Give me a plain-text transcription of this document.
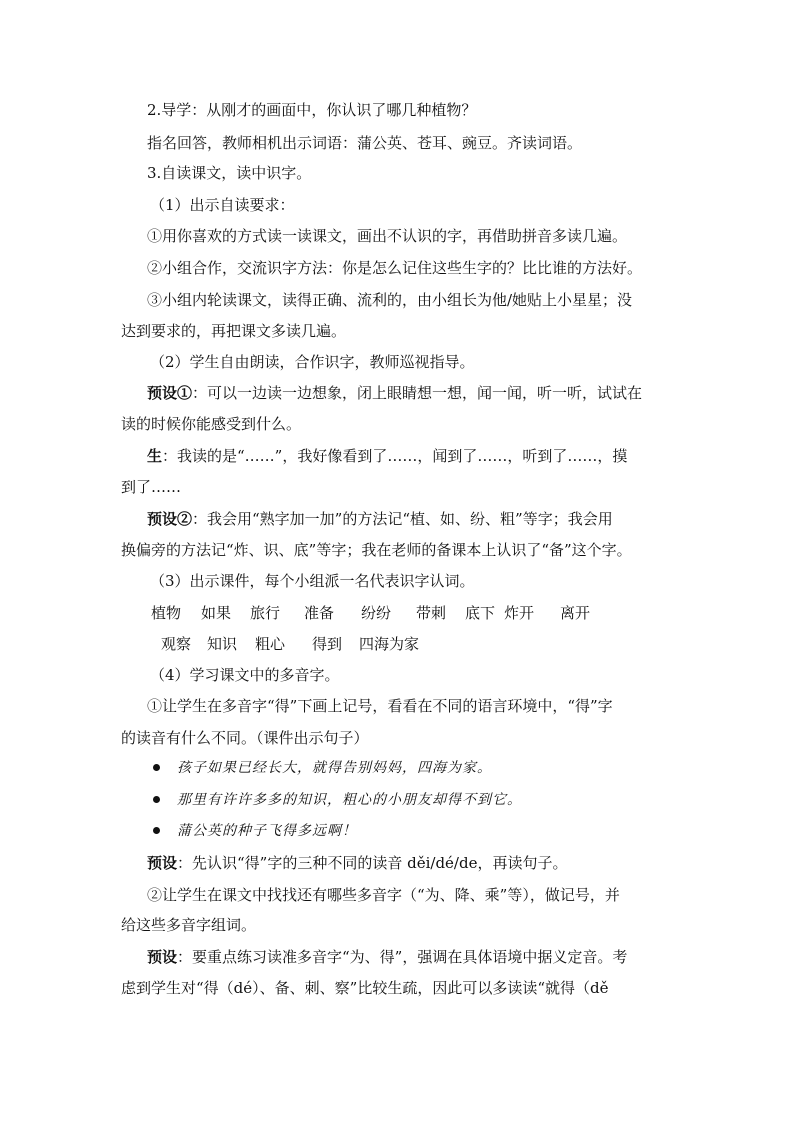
2.导学：从刚才的画面中，你认识了哪几种植物？
指名回答，教师相机出示词语：蒲公英、苍耳、豌豆。齐读词语。
3.自读课文，读中识字。
（1）出示自读要求：
①用你喜欢的方式读一读课文，画出不认识的字，再借助拼音多读几遍。
②小组合作，交流识字方法：你是怎么记住这些生字的？比比谁的方法好。
③小组内轮读课文，读得正确、流利的，由小组长为他/她贴上小星星；没
达到要求的，再把课文多读几遍。
（2）学生自由朗读，合作识字，教师巡视指导。
预设①：可以一边读一边想象，闭上眼睛想一想，闻一闻，听一听，试试在
读的时候你能感受到什么。
生：我读的是“……”，我好像看到了……，闻到了……，听到了……，摸
到了……
预设②：我会用“熟字加一加”的方法记“植、如、纷、粗”等字；我会用
换偏旁的方法记“炸、识、底”等字；我在老师的备课本上认识了“备”这个字。
（3）出示课件，每个小组派一名代表识字认词。
植物 如果 旅行 准备 纷纷 带刺 底下 炸开 离开
观察 知识 粗心 得到 四海为家
（4）学习课文中的多音字。
①让学生在多音字“得”下画上记号，看看在不同的语言环境中，“得”字
的读音有什么不同。（课件出示句子）
孩子如果已经长大，就得告别妈妈，四海为家。
那里有许许多多的知识，粗心的小朋友却得不到它。
蒲公英的种子飞得多远啊！
预设：先认识“得”字的三种不同的读音 děi/dé/de，再读句子。
②让学生在课文中找找还有哪些多音字（“为、降、乘”等），做记号，并
给这些多音字组词。
预设：要重点练习读准多音字“为、得”，强调在具体语境中据义定音。考
虑到学生对“得（dé）、备、刺、察”比较生疏，因此可以多读读“就得（dě
